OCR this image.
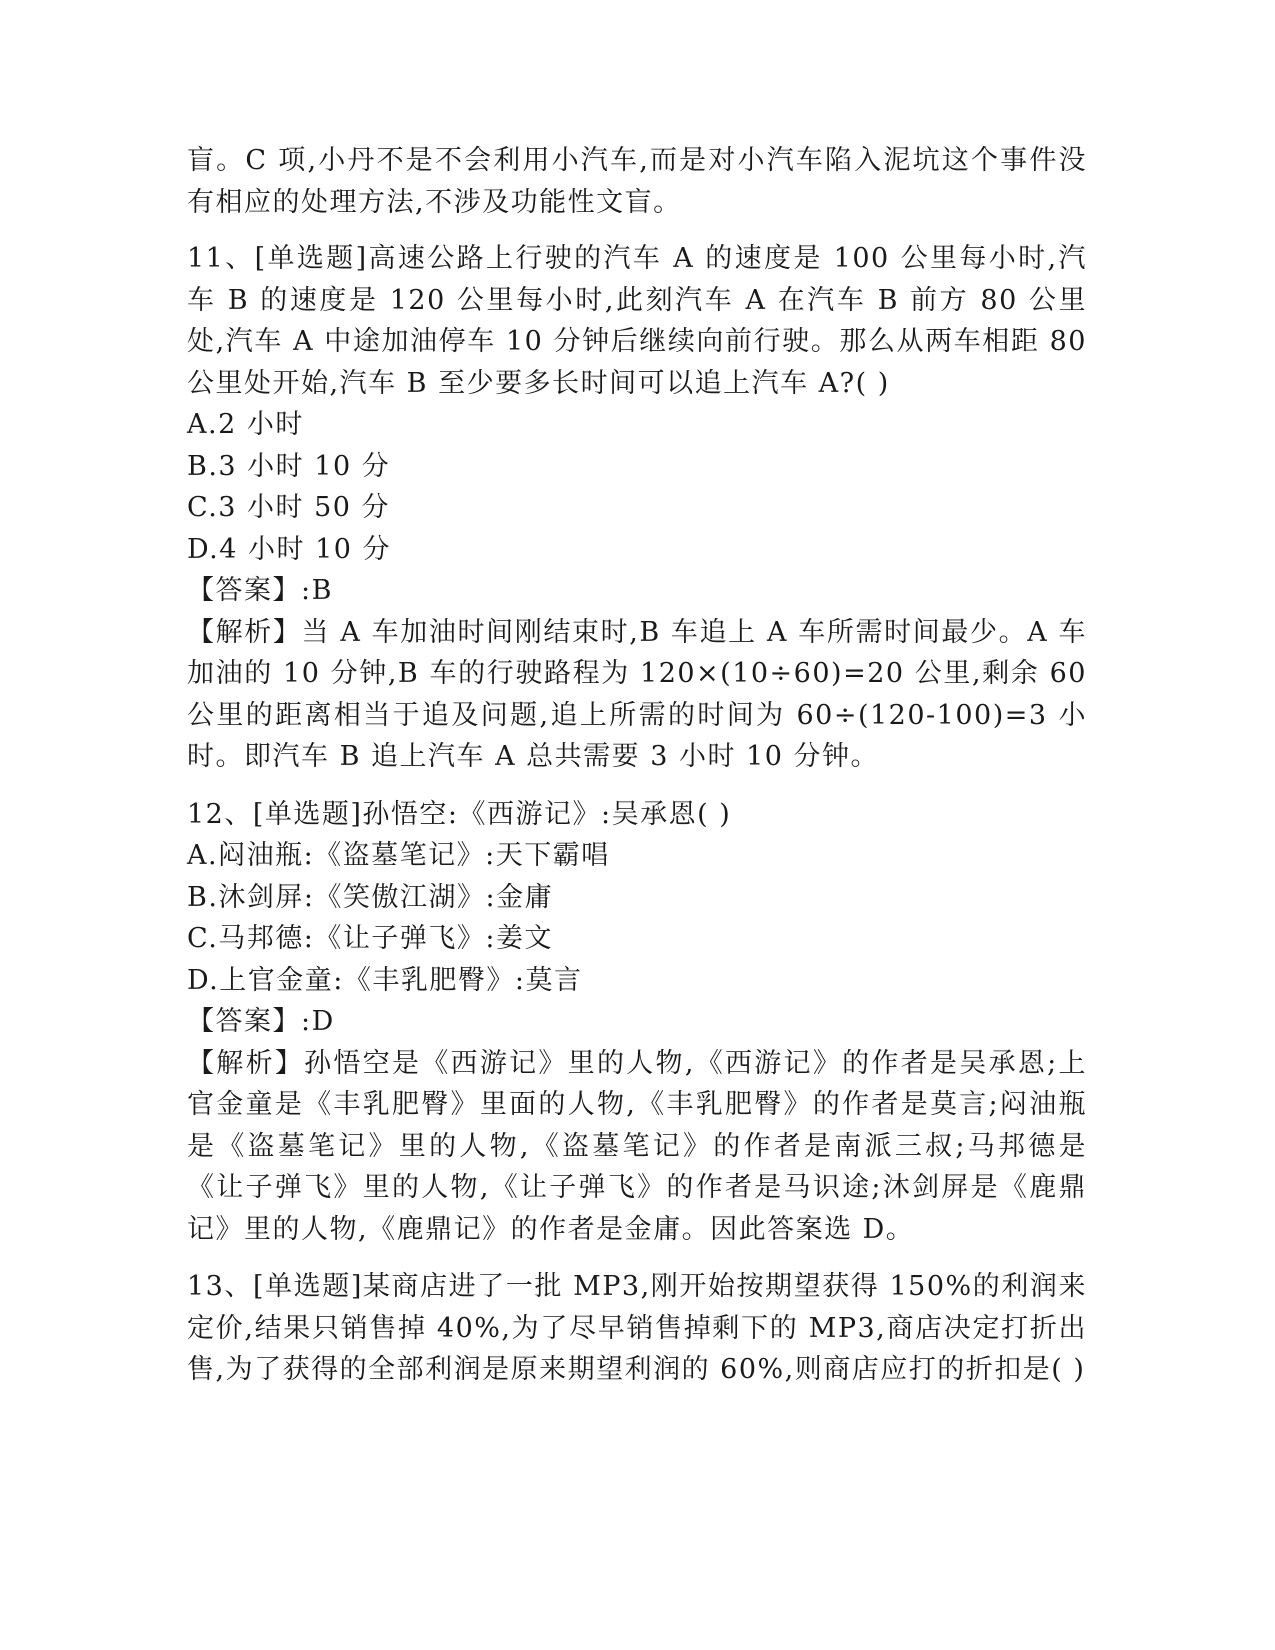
盲。C 项,小丹不是不会利用小汽车,而是对小汽车陷入泥坑这个事件没有相应的处理方法,不涉及功能性文盲。

11、[单选题]高速公路上行驶的汽车 A 的速度是 100 公里每小时,汽车 B 的速度是 120 公里每小时,此刻汽车 A 在汽车 B 前方 80 公里处,汽车 A 中途加油停车 10 分钟后继续向前行驶。那么从两车相距 80 公里处开始,汽车 B 至少要多长时间可以追上汽车 A?( )

A.2 小时

B.3 小时 10 分

C.3 小时 50 分

D.4 小时 10 分

【答案】:B

【解析】当 A 车加油时间刚结束时,B 车追上 A 车所需时间最少。A 车加油的 10 分钟,B 车的行驶路程为 120×(10÷60)=20 公里,剩余 60 公里的距离相当于追及问题,追上所需的时间为 60÷(120-100)=3 小时。即汽车 B 追上汽车 A 总共需要 3 小时 10 分钟。

12、[单选题]孙悟空:《西游记》:吴承恩( )

A.闷油瓶:《盗墓笔记》:天下霸唱

B.沐剑屏:《笑傲江湖》:金庸

C.马邦德:《让子弹飞》:姜文

D.上官金童:《丰乳肥臀》:莫言

【答案】:D

【解析】孙悟空是《西游记》里的人物,《西游记》的作者是吴承恩;上官金童是《丰乳肥臀》里面的人物,《丰乳肥臀》的作者是莫言;闷油瓶是《盗墓笔记》里的人物,《盗墓笔记》的作者是南派三叔;马邦德是《让子弹飞》里的人物,《让子弹飞》的作者是马识途;沐剑屏是《鹿鼎记》里的人物,《鹿鼎记》的作者是金庸。因此答案选 D。

13、[单选题]某商店进了一批 MP3,刚开始按期望获得 150%的利润来定价,结果只销售掉 40%,为了尽早销售掉剩下的 MP3,商店决定打折出售,为了获得的全部利润是原来期望利润的 60%,则商店应打的折扣是( )
